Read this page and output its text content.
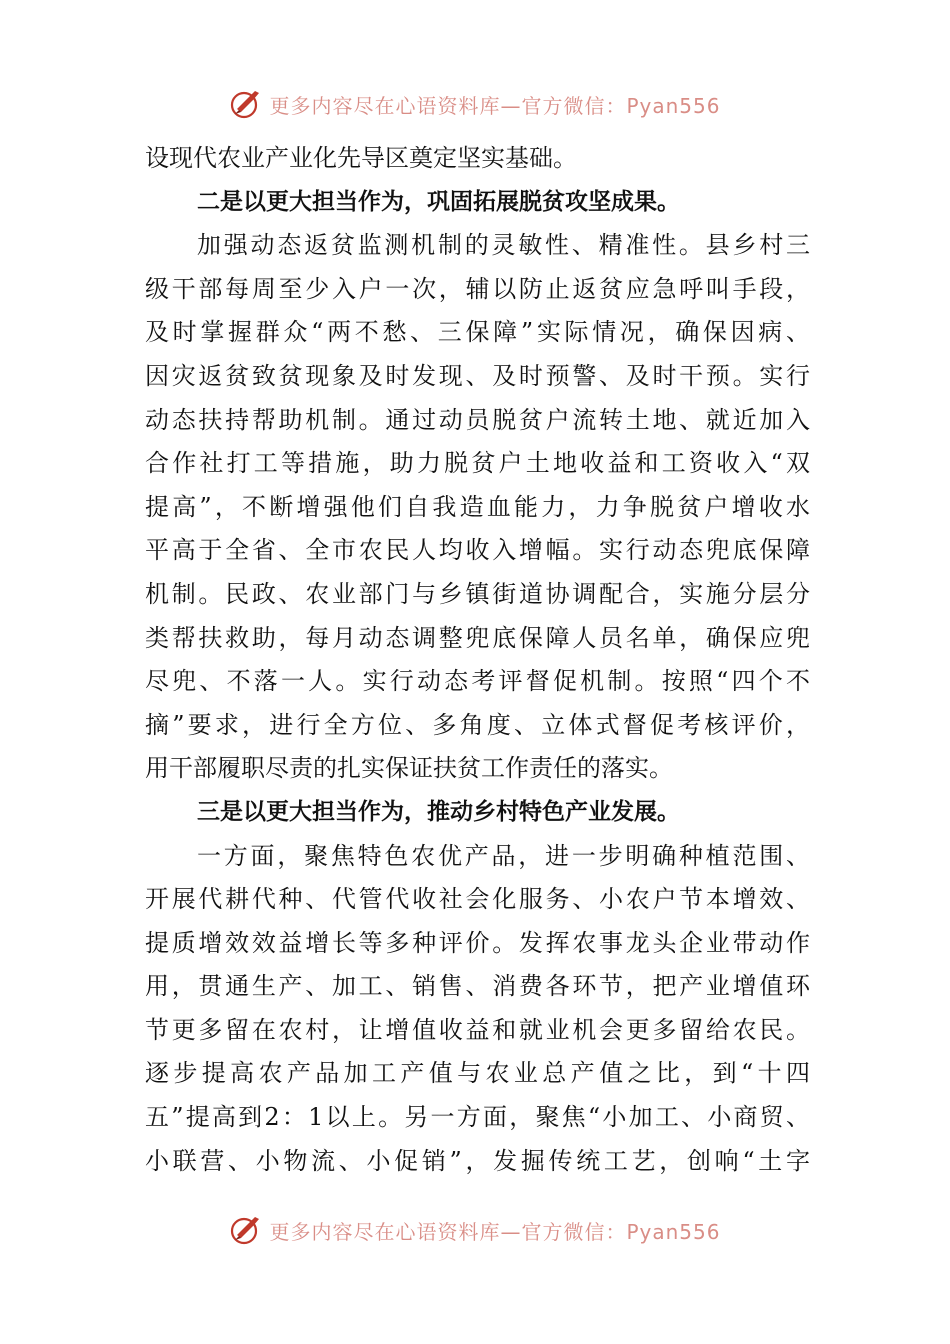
更多内容尽在心语资料库—官方微信：Pyan556
设现代农业产业化先导区奠定坚实基础。
二是以更大担当作为，巩固拓展脱贫攻坚成果。
加强动态返贫监测机制的灵敏性、精准性。县乡村三
级干部每周至少入户一次，辅以防止返贫应急呼叫手段，
及时掌握群众“两不愁、三保障”实际情况，确保因病、
因灾返贫致贫现象及时发现、及时预警、及时干预。实行
动态扶持帮助机制。通过动员脱贫户流转土地、就近加入
合作社打工等措施，助力脱贫户土地收益和工资收入“双
提高”，不断增强他们自我造血能力，力争脱贫户增收水
平高于全省、全市农民人均收入增幅。实行动态兜底保障
机制。民政、农业部门与乡镇街道协调配合，实施分层分
类帮扶救助，每月动态调整兜底保障人员名单，确保应兜
尽兜、不落一人。实行动态考评督促机制。按照“四个不
摘”要求，进行全方位、多角度、立体式督促考核评价，
用干部履职尽责的扎实保证扶贫工作责任的落实。
三是以更大担当作为，推动乡村特色产业发展。
一方面，聚焦特色农优产品，进一步明确种植范围、
开展代耕代种、代管代收社会化服务、小农户节本增效、
提质增效效益增长等多种评价。发挥农事龙头企业带动作
用，贯通生产、加工、销售、消费各环节，把产业增值环
节更多留在农村，让增值收益和就业机会更多留给农民。
逐步提高农产品加工产值与农业总产值之比，到“十四
五”提高到2：1以上。另一方面，聚焦“小加工、小商贸、
小联营、小物流、小促销”，发掘传统工艺，创响“土字
更多内容尽在心语资料库—官方微信：Pyan556
